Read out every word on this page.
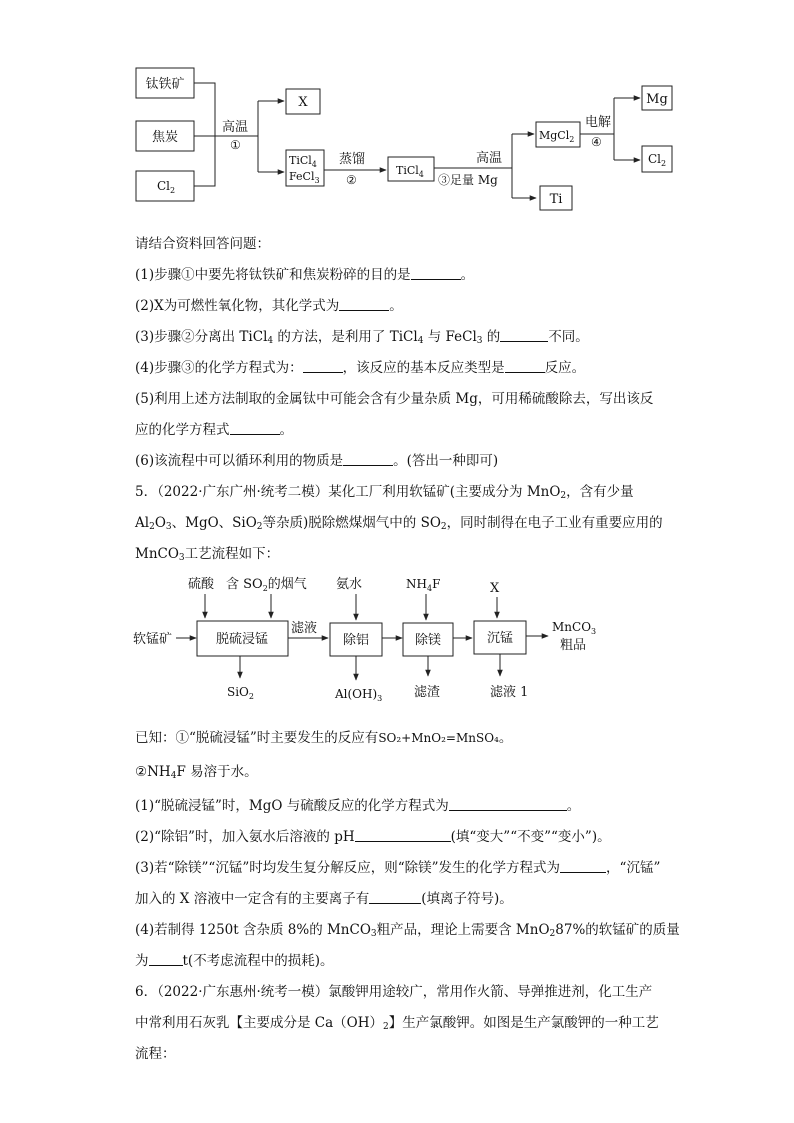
钛铁矿
焦炭
$Cl_2$
高温
①
X
TiCl$_4$
FeCl$_3$
蒸馏
②
TiCl$_4$
高温
③足量 Mg
MgCl$_2$
Ti
电解
④
Mg
$Cl_2$
请结合资料回答问题：
(1)步骤①中要先将钛铁矿和焦炭粉碎的目的是	。
(2)X为可燃性氧化物，其化学式为	。
(3)步骤②分离出 TiCl$_4$ 的方法，是利用了 TiCl$_4$ 与 FeCl$_3$ 的	不同。
(4)步骤③的化学方程式为：	，该反应的基本反应类型是	反应。
(5)利用上述方法制取的金属钛中可能会含有少量杂质 Mg，可用稀硫酸除去，写出该反
应的化学方程式	。
(6)该流程中可以循环利用的物质是	。(答出一种即可)
5．（2022·广东广州·统考二模）某化工厂利用软锰矿(主要成分为 MnO$_2$，含有少量
$Al_2O_3$、MgO、SiO$_2$等杂质)脱除燃煤烟气中的 $SO_2$，同时制得在电子工业有重要应用的
MnCO$_3$工艺流程如下：
硫酸 含 $SO_2$的烟气 氨水	$NH_4F$	X
软锰矿	脱硫浸锰
滤液
除铝	除镁	沉锰
MnCO$_3$
粗品
SiO$_2$	$Al(OH)_3$ 滤渣	滤液 1
已知：①“脱硫浸锰”时主要发生的反应有SO₂+MnO₂=MnSO₄。
$②NH_4F$ 易溶于水。
(1)“脱硫浸锰”时，MgO 与硫酸反应的化学方程式为	。
(2)“除铝”时，加入氨水后溶液的 pH	(填“变大”“不变”“变小”)。
(3)若“除镁”“沉锰”时均发生复分解反应，则“除镁”发生的化学方程式为	，“沉锰”
加入的 X 溶液中一定含有的主要离子有	(填离子符号)。
(4)若制得 1250t 含杂质 8%的 MnCO$_3$粗产品，理论上需要含 MnO$_2$87%的软锰矿的质量
为	t(不考虑流程中的损耗)。
6．（2022·广东惠州·统考一模）氯酸钾用途较广，常用作火箭、导弹推进剂，化工生产
中常利用石灰乳【主要成分是 $Ca(OH)_2$】生产氯酸钾。如图是生产氯酸钾的一种工艺
流程：
